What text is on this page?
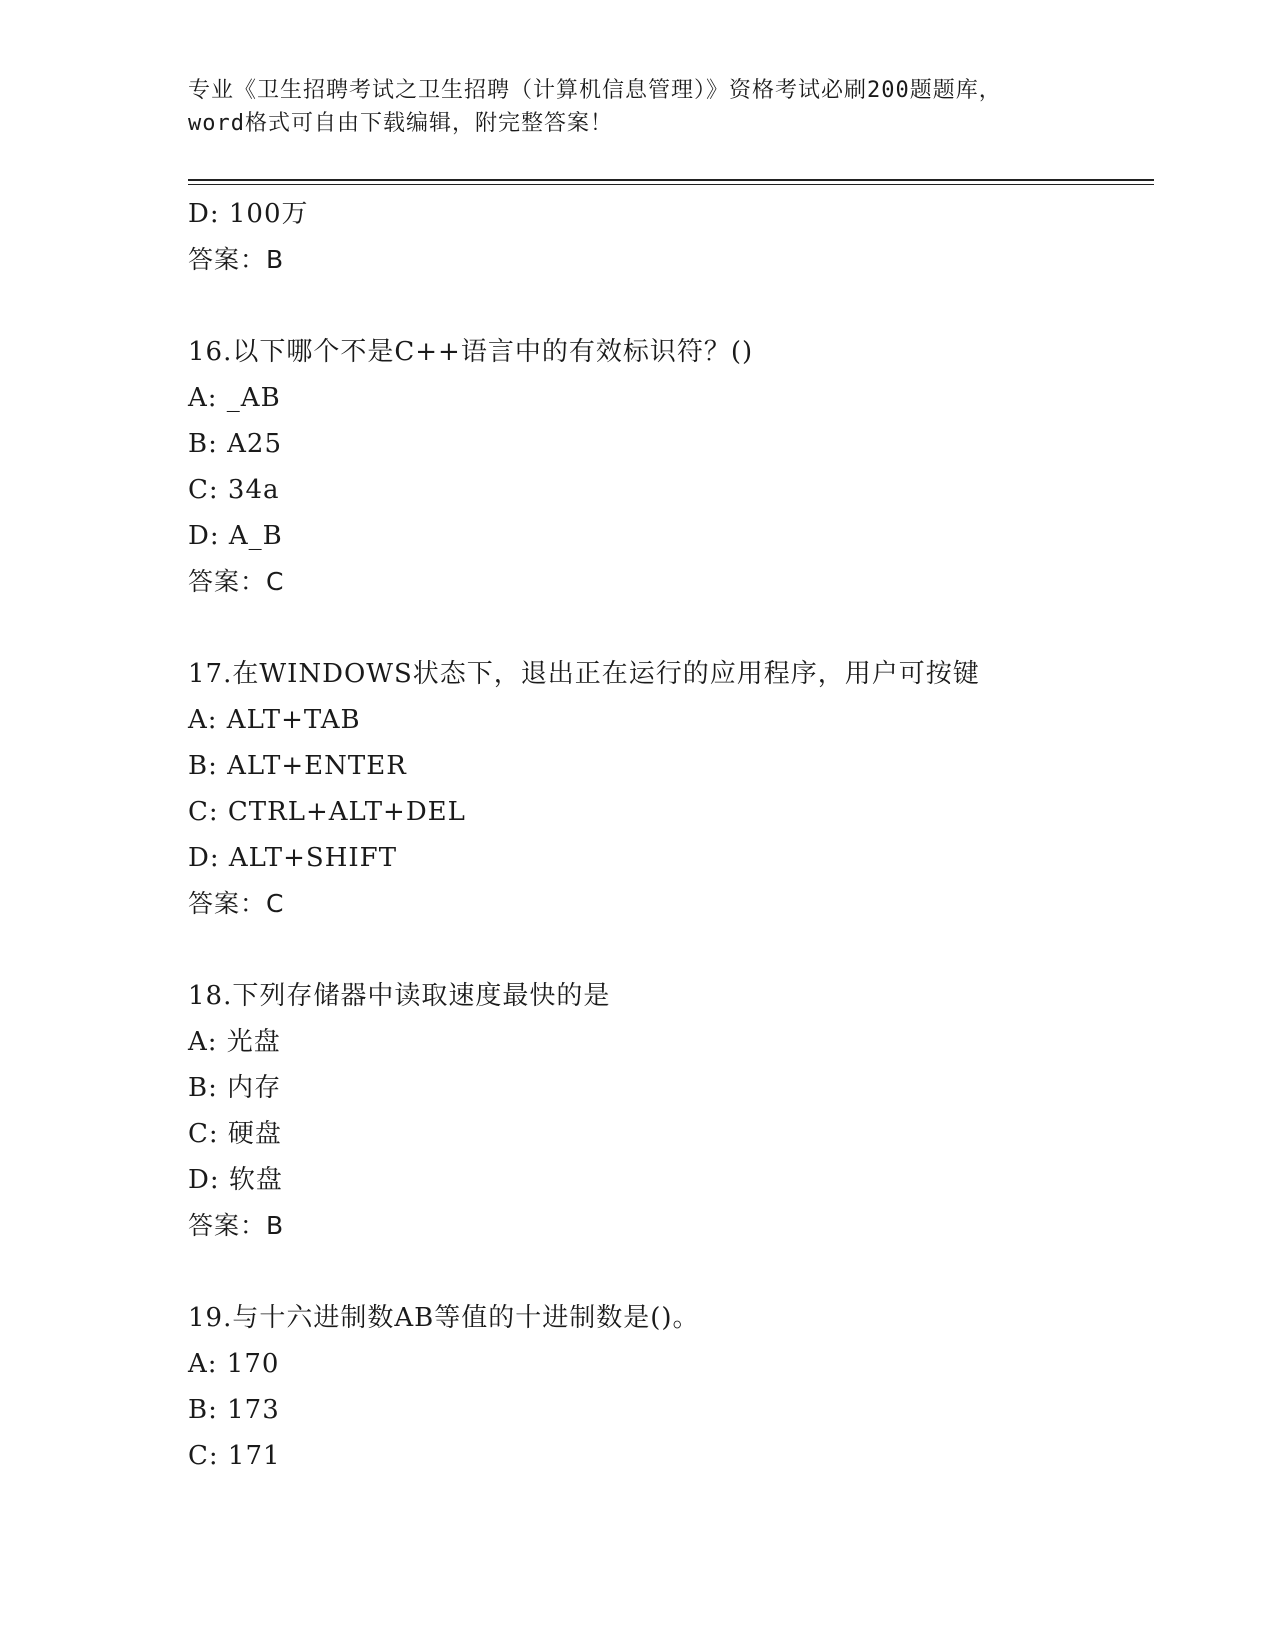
专业《卫生招聘考试之卫生招聘（计算机信息管理）》资格考试必刷200题题库，
word格式可自由下载编辑，附完整答案！
D: 100万
答案：B
16.以下哪个不是C++语言中的有效标识符？()
A: _AB
B: A25
C: 34a
D: A_B
答案：C
17.在WINDOWS状态下，退出正在运行的应用程序，用户可按键
A: ALT+TAB
B: ALT+ENTER
C: CTRL+ALT+DEL
D: ALT+SHIFT
答案：C
18.下列存储器中读取速度最快的是
A: 光盘
B: 内存
C: 硬盘
D: 软盘
答案：B
19.与十六进制数AB等值的十进制数是()。
A: 170
B: 173
C: 171
